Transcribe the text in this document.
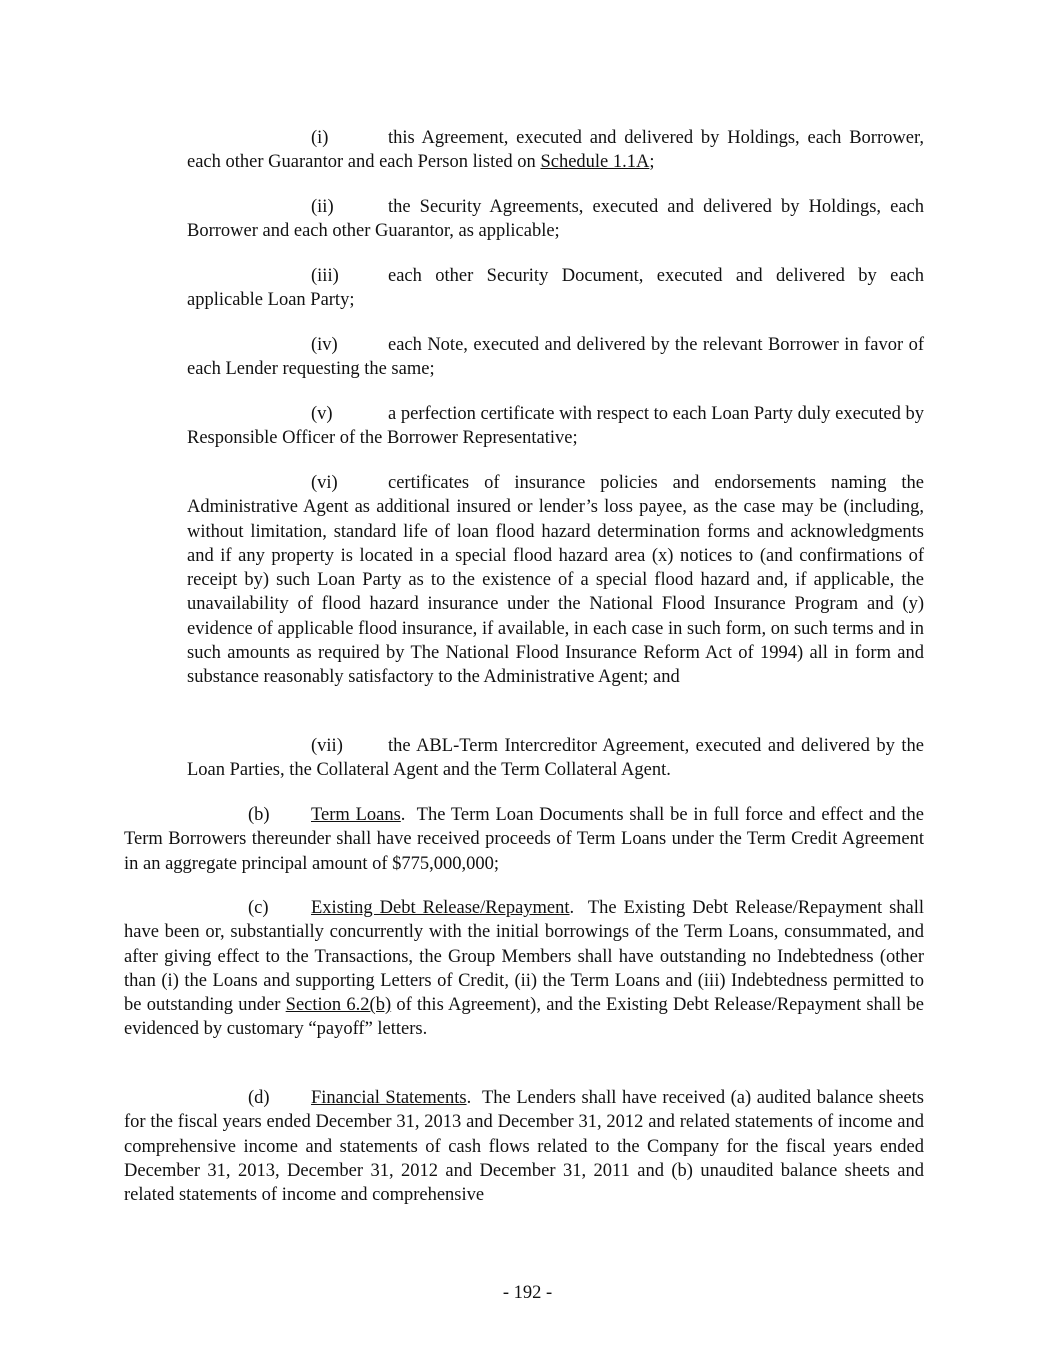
(i)	this Agreement, executed and delivered by Holdings, each Borrower, each other Guarantor and each Person listed on Schedule 1.1A;

(ii)	the Security Agreements, executed and delivered by Holdings, each Borrower and each other Guarantor, as applicable;

(iii)	each other Security Document, executed and delivered by each applicable Loan Party;

(iv)	each Note, executed and delivered by the relevant Borrower in favor of each Lender requesting the same;

(v)	a perfection certificate with respect to each Loan Party duly executed by Responsible Officer of the Borrower Representative;

(vi)	certificates of insurance policies and endorsements naming the Administrative Agent as additional insured or lender’s loss payee, as the case may be (including, without limitation, standard life of loan flood hazard determination forms and acknowledgments and if any property is located in a special flood hazard area (x) notices to (and confirmations of receipt by) such Loan Party as to the existence of a special flood hazard and, if applicable, the unavailability of flood hazard insurance under the National Flood Insurance Program and (y) evidence of applicable flood insurance, if available, in each case in such form, on such terms and in such amounts as required by The National Flood Insurance Reform Act of 1994) all in form and substance reasonably satisfactory to the Administrative Agent; and

(vii) the ABL-Term Intercreditor Agreement, executed and delivered by the Loan Parties, the Collateral Agent and the Term Collateral Agent.

(b) Term Loans. The Term Loan Documents shall be in full force and effect and the Term Borrowers thereunder shall have received proceeds of Term Loans under the Term Credit Agreement in an aggregate principal amount of $775,000,000;

(c) Existing Debt Release/Repayment. The Existing Debt Release/Repayment shall have been or, substantially concurrently with the initial borrowings of the Term Loans, consummated, and after giving effect to the Transactions, the Group Members shall have outstanding no Indebtedness (other than (i) the Loans and supporting Letters of Credit, (ii) the Term Loans and (iii) Indebtedness permitted to be outstanding under Section 6.2(b) of this Agreement), and the Existing Debt Release/Repayment shall be evidenced by customary “payoff” letters.

(d) Financial Statements. The Lenders shall have received (a) audited balance sheets for the fiscal years ended December 31, 2013 and December 31, 2012 and related statements of income and comprehensive income and statements of cash flows related to the Company for the fiscal years ended December 31, 2013, December 31, 2012 and December 31, 2011 and (b) unaudited balance sheets and related statements of income and comprehensive

- 192 -
